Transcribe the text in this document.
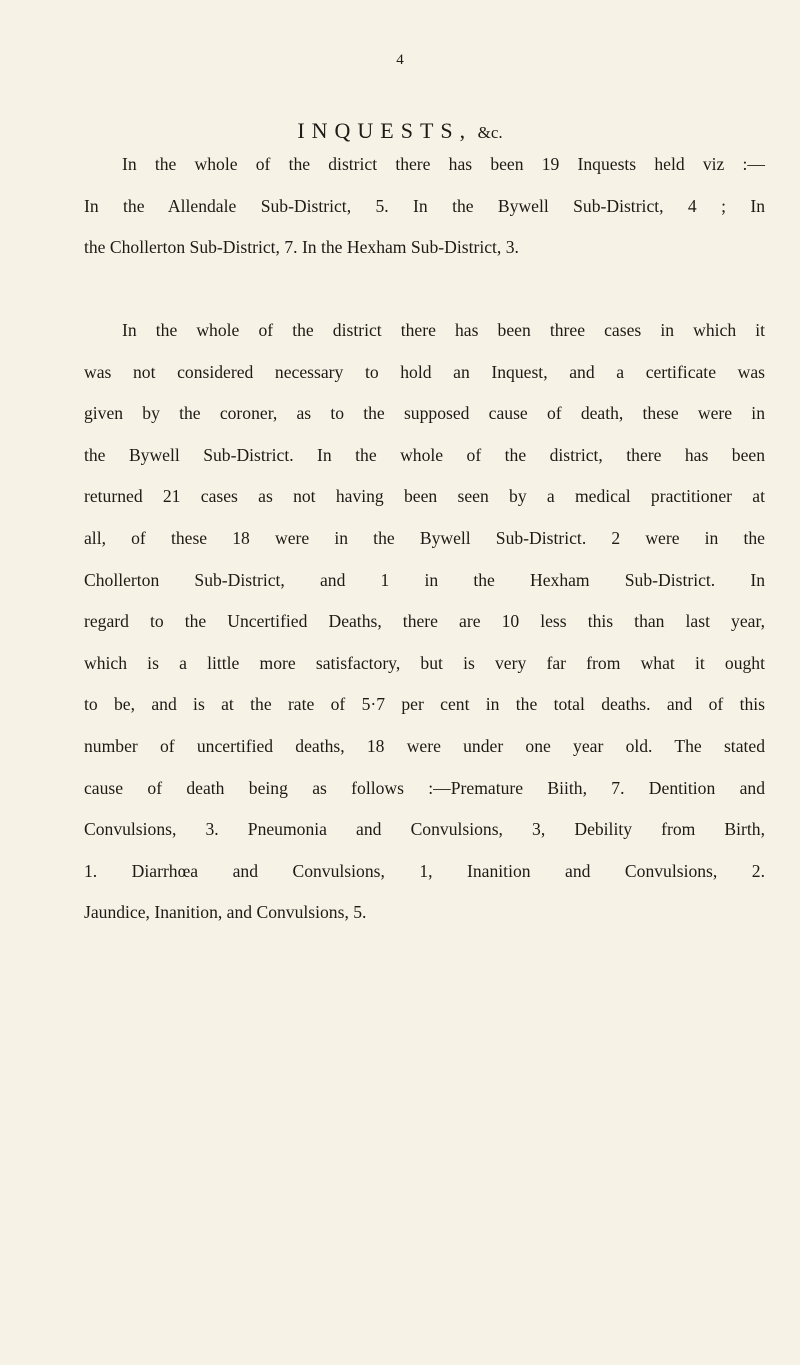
4
INQUESTS, &c.
In the whole of the district there has been 19 Inquests held viz :—
In the Allendale Sub-District, 5. In the Bywell Sub-District, 4 ; In
the Chollerton Sub-District, 7. In the Hexham Sub-District, 3.
In the whole of the district there has been three cases in which it
was not considered necessary to hold an Inquest, and a certificate was
given by the coroner, as to the supposed cause of death, these were in
the Bywell Sub-District. In the whole of the district, there has been
returned 21 cases as not having been seen by a medical practitioner at
all, of these 18 were in the Bywell Sub-District. 2 were in the
Chollerton Sub-District, and 1 in the Hexham Sub-District. In
regard to the Uncertified Deaths, there are 10 less this than last year,
which is a little more satisfactory, but is very far from what it ought
to be, and is at the rate of 5·7 per cent in the total deaths. and of this
number of uncertified deaths, 18 were under one year old. The stated
cause of death being as follows :—Premature Biith, 7. Dentition and
Convulsions, 3. Pneumonia and Convulsions, 3, Debility from Birth,
1. Diarrhœa and Convulsions, 1, Inanition and Convulsions, 2.
Jaundice, Inanition, and Convulsions, 5.
